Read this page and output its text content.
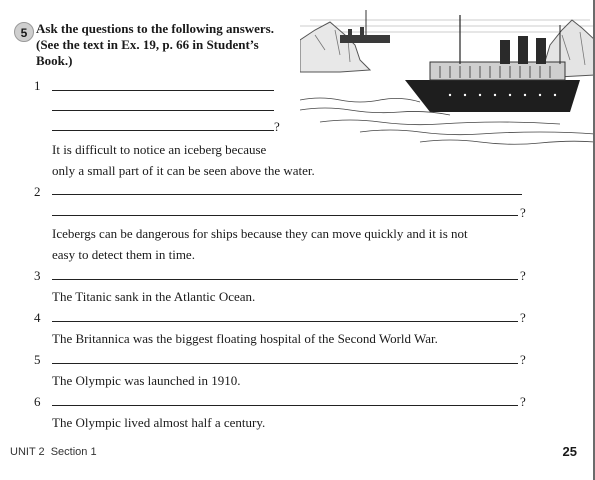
5 Ask the questions to the following answers.
(See the text in Ex. 19, p. 66 in Student’s
Book.)
1
?
It is difficult to notice an iceberg because
only a small part of it can be seen above the water.
2
?
Icebergs can be dangerous for ships because they can move quickly and it is not
easy to detect them in time.
3	?
The Titanic sank in the Atlantic Ocean.
4	?
The Britannica was the biggest floating hospital of the Second World War.
5	?
The Olympic was launched in 1910.
6	?
The Olympic lived almost half a century.
UNIT 2 Section 1	25
